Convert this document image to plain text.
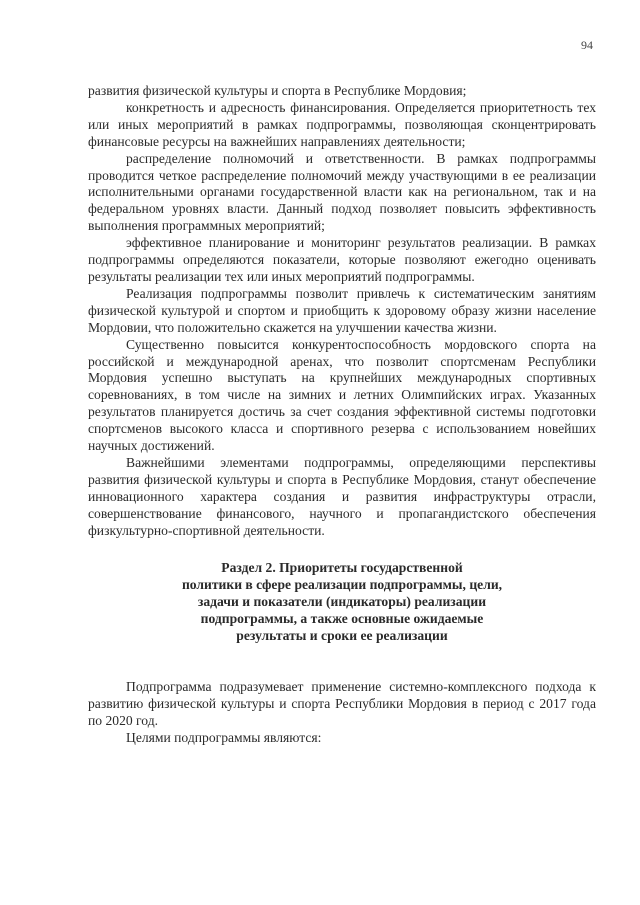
94

развития физической культуры и спорта в Республике Мордовия;

конкретность и адресность финансирования. Определяется приоритетность тех или иных мероприятий в рамках подпрограммы, позволяющая сконцентрировать финансовые ресурсы на важнейших направлениях деятельности;

распределение полномочий и ответственности. В рамках подпрограммы проводится четкое распределение полномочий между участвующими в ее реализации исполнительными органами государственной власти как на региональном, так и на федеральном уровнях власти. Данный подход позволяет повысить эффективность выполнения программных мероприятий;

эффективное планирование и мониторинг результатов реализации. В рамках подпрограммы определяются показатели, которые позволяют ежегодно оценивать результаты реализации тех или иных мероприятий подпрограммы.

Реализация подпрограммы позволит привлечь к систематическим занятиям физической культурой и спортом и приобщить к здоровому образу жизни население Мордовии, что положительно скажется на улучшении качества жизни.

Существенно повысится конкурентоспособность мордовского спорта на российской и международной аренах, что позволит спортсменам Республики Мордовия успешно выступать на крупнейших международных спортивных соревнованиях, в том числе на зимних и летних Олимпийских играх. Указанных результатов планируется достичь за счет создания эффективной системы подготовки спортсменов высокого класса и спортивного резерва с использованием новейших научных достижений.

Важнейшими элементами подпрограммы, определяющими перспективы развития физической культуры и спорта в Республике Мордовия, станут обеспечение инновационного характера создания и развития инфраструктуры отрасли, совершенствование финансового, научного и пропагандистского обеспечения физкультурно-спортивной деятельности.

Раздел 2. Приоритеты государственной
политики в сфере реализации подпрограммы, цели,
задачи и показатели (индикаторы) реализации
подпрограммы, а также основные ожидаемые
результаты и сроки ее реализации

Подпрограмма подразумевает применение системно-комплексного подхода к развитию физической культуры и спорта Республики Мордовия в период с 2017 года по 2020 год.

Целями подпрограммы являются:
